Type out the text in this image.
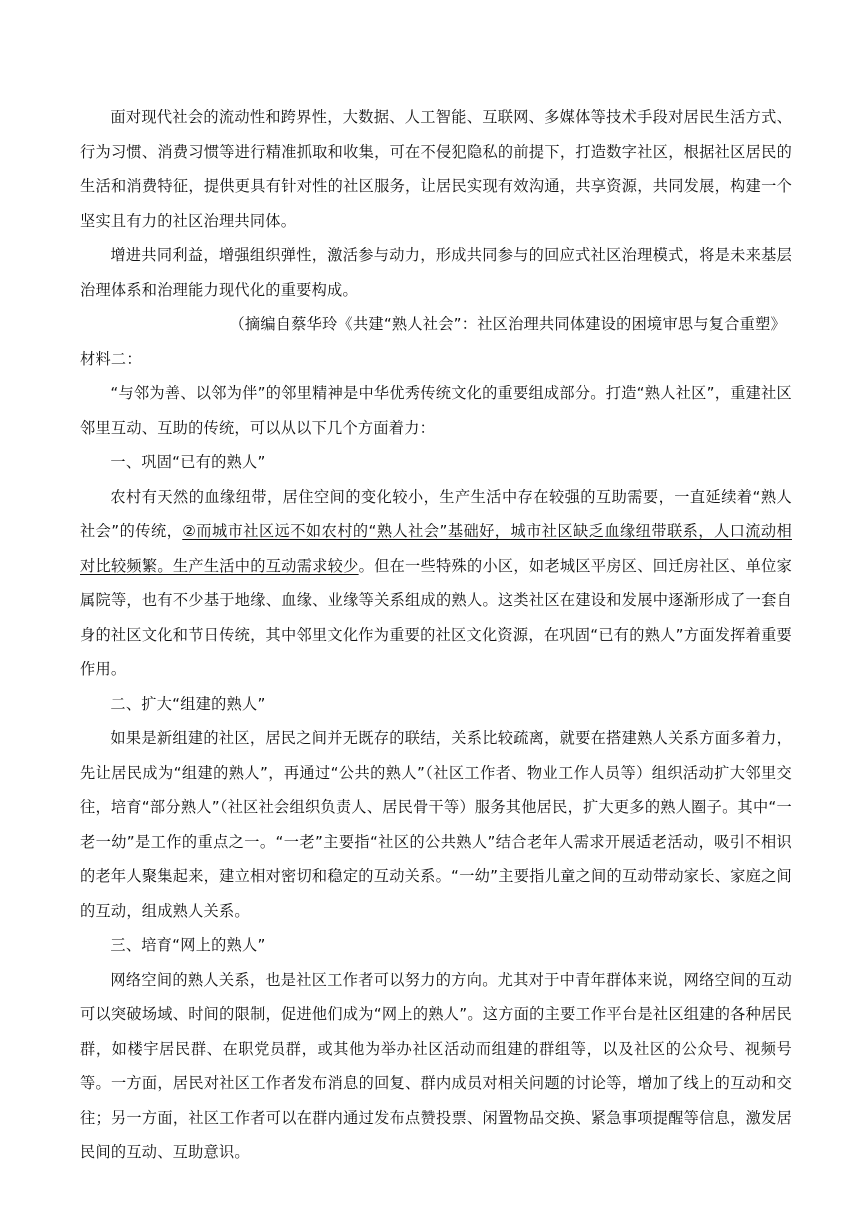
面对现代社会的流动性和跨界性，大数据、人工智能、互联网、多媒体等技术手段对居民生活方式、行为习惯、消费习惯等进行精准抓取和收集，可在不侵犯隐私的前提下，打造数字社区，根据社区居民的生活和消费特征，提供更具有针对性的社区服务，让居民实现有效沟通，共享资源，共同发展，构建一个坚实且有力的社区治理共同体。

增进共同利益，增强组织弹性，激活参与动力，形成共同参与的回应式社区治理模式，将是未来基层治理体系和治理能力现代化的重要构成。

（摘编自蔡华玲《共建“熟人社会”：社区治理共同体建设的困境审思与复合重塑》

材料二：

“与邻为善、以邻为伴”的邻里精神是中华优秀传统文化的重要组成部分。打造“熟人社区”，重建社区邻里互动、互助的传统，可以从以下几个方面着力：

一、巩固“已有的熟人”

农村有天然的血缘纽带，居住空间的变化较小，生产生活中存在较强的互助需要，一直延续着“熟人社会”的传统，②而城市社区远不如农村的“熟人社会”基础好，城市社区缺乏血缘纽带联系，人口流动相对比较频繁。生产生活中的互动需求较少。但在一些特殊的小区，如老城区平房区、回迁房社区、单位家属院等，也有不少基于地缘、血缘、业缘等关系组成的熟人。这类社区在建设和发展中逐渐形成了一套自身的社区文化和节日传统，其中邻里文化作为重要的社区文化资源，在巩固“已有的熟人”方面发挥着重要作用。

二、扩大“组建的熟人”

如果是新组建的社区，居民之间并无既存的联结，关系比较疏离，就要在搭建熟人关系方面多着力，先让居民成为“组建的熟人”，再通过“公共的熟人”（社区工作者、物业工作人员等）组织活动扩大邻里交往，培育“部分熟人”（社区社会组织负责人、居民骨干等）服务其他居民，扩大更多的熟人圈子。其中“一老一幼”是工作的重点之一。“一老”主要指“社区的公共熟人”结合老年人需求开展适老活动，吸引不相识的老年人聚集起来，建立相对密切和稳定的互动关系。“一幼”主要指儿童之间的互动带动家长、家庭之间的互动，组成熟人关系。

三、培育“网上的熟人”

网络空间的熟人关系，也是社区工作者可以努力的方向。尤其对于中青年群体来说，网络空间的互动可以突破场域、时间的限制，促进他们成为“网上的熟人”。这方面的主要工作平台是社区组建的各种居民群，如楼宇居民群、在职党员群，或其他为举办社区活动而组建的群组等，以及社区的公众号、视频号等。一方面，居民对社区工作者发布消息的回复、群内成员对相关问题的讨论等，增加了线上的互动和交往；另一方面，社区工作者可以在群内通过发布点赞投票、闲置物品交换、紧急事项提醒等信息，激发居民间的互动、互助意识。
